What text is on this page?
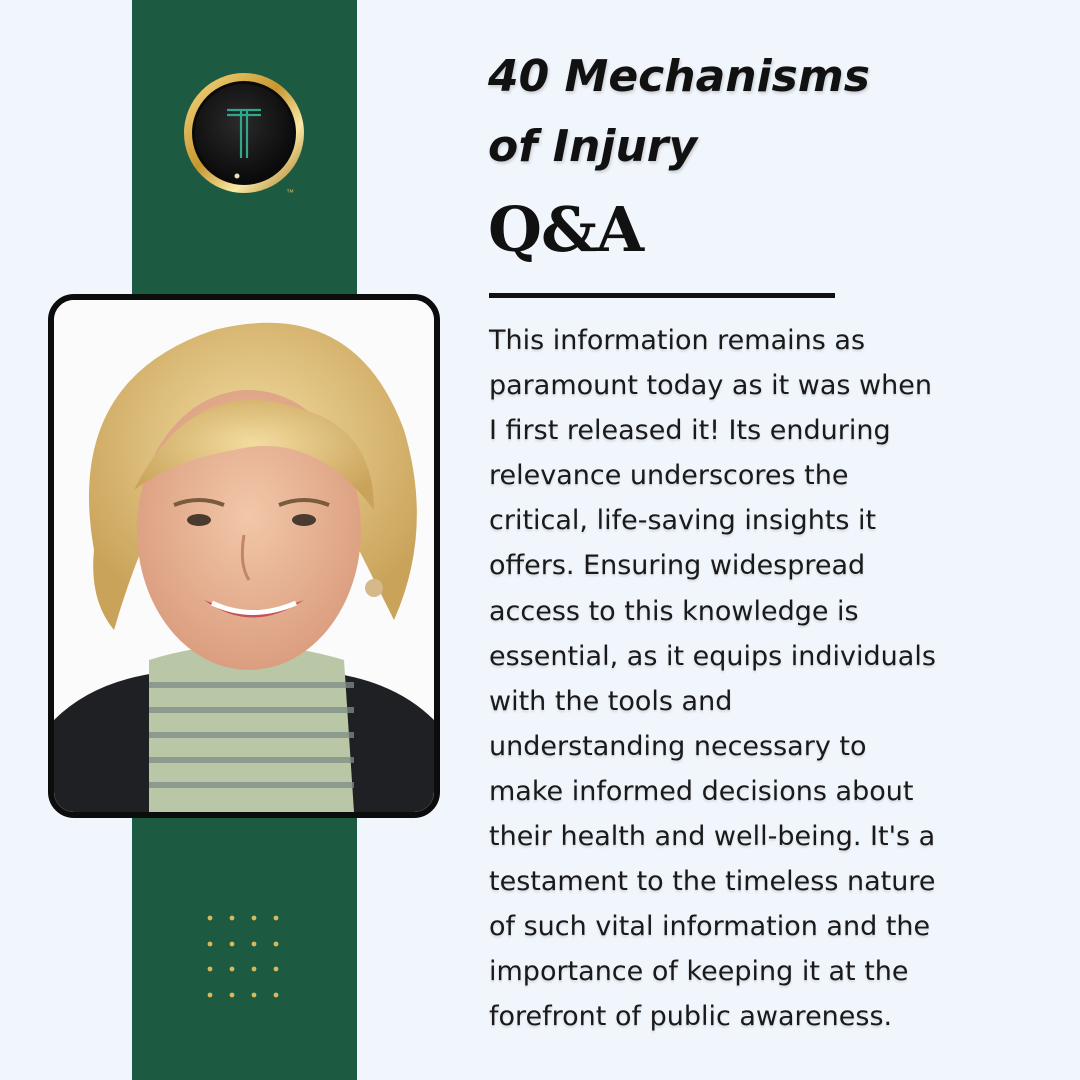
™
40 Mechanisms
of Injury
Q&A

This information remains as
paramount today as it was when
I first released it! Its enduring
relevance underscores the
critical, life-saving insights it
offers. Ensuring widespread
access to this knowledge is
essential, as it equips individuals
with the tools and
understanding necessary to
make informed decisions about
their health and well-being. It's a
testament to the timeless nature
of such vital information and the
importance of keeping it at the
forefront of public awareness.
